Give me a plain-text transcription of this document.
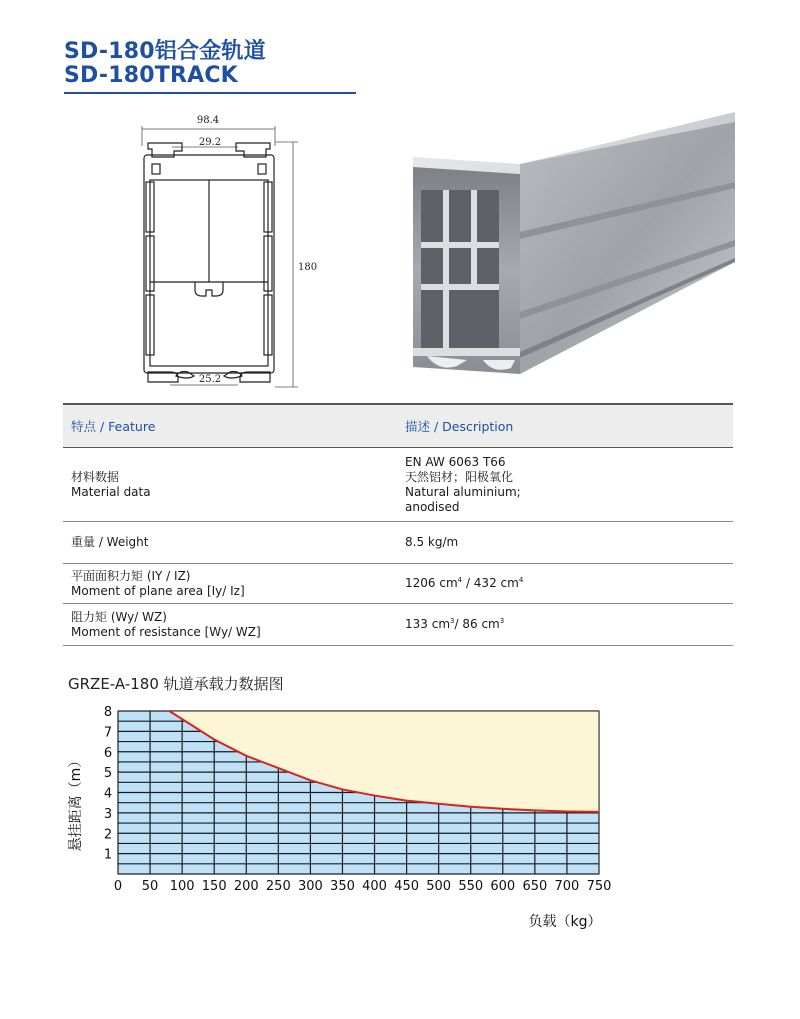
SD-180铝合金轨道
SD-180TRACK
98.4
29.2
180
25.2
特点 / Feature	描述 / Description

材料数据
Material data	EN AW 6063 T66
天然铝材；阳极氧化
Natural aluminium;
anodised

重量 / Weight	8.5 kg/m

平面面积力矩 (IY / IZ)
Moment of plane area [Iy/ Iz]	1206 $cm^4 / 432$ $cm^4$

阻力矩 (Wy/ WZ)
Moment of resistance [Wy/ WZ]	133 $cm^3/$ 86 $cm^3$
GRZE-A-180 轨道承载力数据图
0 50 100 150 200 250 300 350 400 450 500 550 600 650 700 750
1
2
3
4
5
6
7
8
负载（kg）
悬挂距离（m）
